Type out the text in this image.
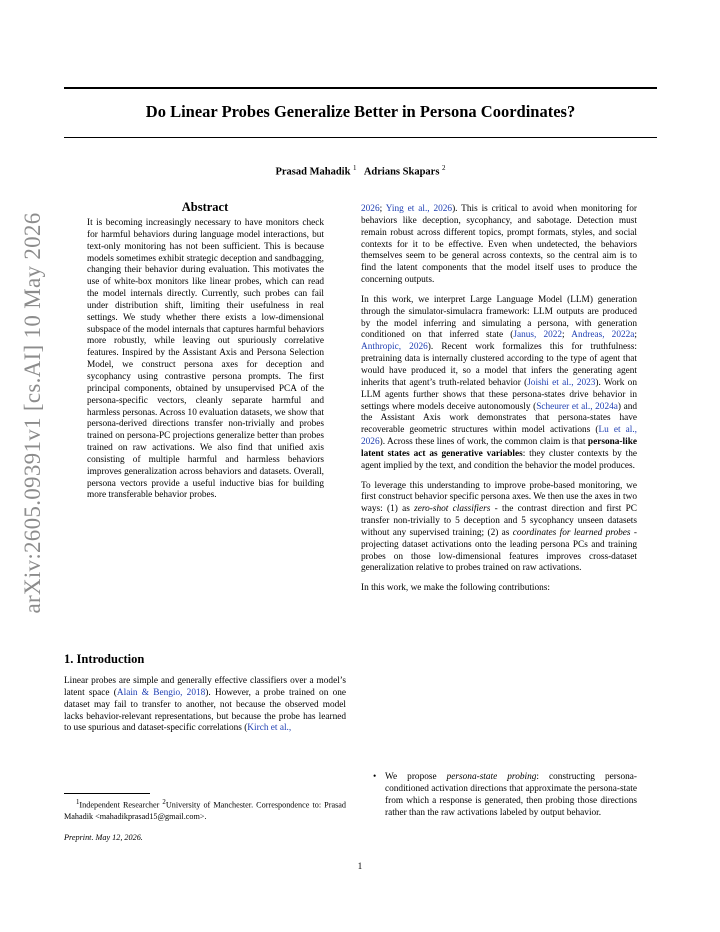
arXiv:2605.09391v1 [cs.AI] 10 May 2026
Do Linear Probes Generalize Better in Persona Coordinates?
Prasad Mahadik $^1$ Adrians Skapars $^2$
Abstract
It is becoming increasingly necessary to have monitors check for harmful behaviors during language model interactions, but text-only monitoring has not been sufficient. This is because models sometimes exhibit strategic deception and sandbagging, changing their behavior during evaluation. This motivates the use of white-box monitors like linear probes, which can read the model internals directly. Currently, such probes can fail under distribution shift, limiting their usefulness in real settings. We study whether there exists a low-dimensional subspace of the model internals that captures harmful behaviors more robustly, while leaving out spuriously correlative features. Inspired by the Assistant Axis and Persona Selection Model, we construct persona axes for deception and sycophancy using contrastive persona prompts. The first principal components, obtained by unsupervised PCA of the persona-specific vectors, cleanly separate harmful and harmless personas. Across 10 evaluation datasets, we show that persona-derived directions transfer non-trivially and probes trained on persona-PC projections generalize better than probes trained on raw activations. We also find that unified axis consisting of multiple harmful and harmless behaviors improves generalization across behaviors and datasets. Overall, persona vectors provide a useful inductive bias for building more transferable behavior probes.
1. Introduction
Linear probes are simple and generally effective classifiers over a model’s latent space (Alain & Bengio, 2018). However, a probe trained on one dataset may fail to transfer to another, not because the observed model lacks behavior-relevant representations, but because the probe has learned to use spurious and dataset-specific correlations (Kirch et al.,
$^1$Independent Researcher $^2$University of Manchester. Correspondence to: Prasad Mahadik <mahadikprasad15@gmail.com>.
Preprint. May 12, 2026.

2026; Ying et al., 2026). This is critical to avoid when monitoring for behaviors like deception, sycophancy, and sabotage. Detection must remain robust across different topics, prompt formats, styles, and social contexts for it to be effective. Even when undetected, the behaviors themselves seem to be general across contexts, so the central aim is to find the latent components that the model itself uses to produce the concerning outputs.

In this work, we interpret Large Language Model (LLM) generation through the simulator-simulacra framework: LLM outputs are produced by the model inferring and simulating a persona, with generation conditioned on that inferred state (Janus, 2022; Andreas, 2022a; Anthropic, 2026). Recent work formalizes this for truthfulness: pretraining data is internally clustered according to the type of agent that would have produced it, so a model that infers the generating agent inherits that agent’s truth-related behavior (Joishi et al., 2023). Work on LLM agents further shows that these persona-states drive behavior in settings where models deceive autonomously (Scheurer et al., 2024a) and the Assistant Axis work demonstrates that persona-states have recoverable geometric structures within model activations (Lu et al., 2026). Across these lines of work, the common claim is that persona-like latent states act as generative variables: they cluster contexts by the agent implied by the text, and condition the behavior the model produces.

To leverage this understanding to improve probe-based monitoring, we first construct behavior specific persona axes. We then use the axes in two ways: (1) as zero-shot classifiers - the contrast direction and first PC transfer non-trivially to 5 deception and 5 sycophancy unseen datasets without any supervised training; (2) as coordinates for learned probes - projecting dataset activations onto the leading persona PCs and training probes on those low-dimensional features improves cross-dataset generalization relative to probes trained on raw activations.

In this work, we make the following contributions:

• We propose persona-state probing: constructing persona-conditioned activation directions that approximate the persona-state from which a response is generated, then probing those directions rather than the raw activations labeled by output behavior.
1
